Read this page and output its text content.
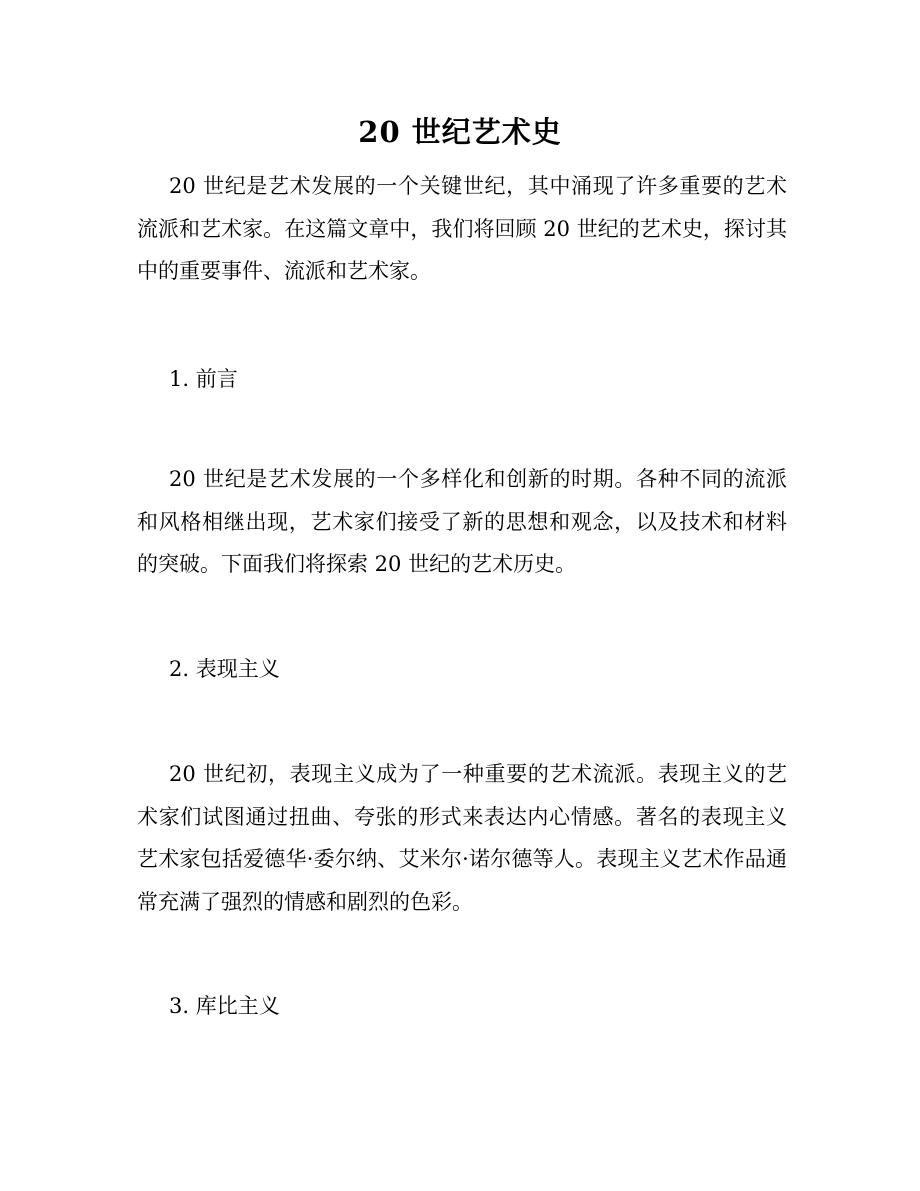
20 世纪艺术史

20 世纪是艺术发展的一个关键世纪，其中涌现了许多重要的艺术流派和艺术家。在这篇文章中，我们将回顾 20 世纪的艺术史，探讨其中的重要事件、流派和艺术家。

1. 前言

20 世纪是艺术发展的一个多样化和创新的时期。各种不同的流派和风格相继出现，艺术家们接受了新的思想和观念，以及技术和材料的突破。下面我们将探索 20 世纪的艺术历史。

2. 表现主义

20 世纪初，表现主义成为了一种重要的艺术流派。表现主义的艺术家们试图通过扭曲、夸张的形式来表达内心情感。著名的表现主义艺术家包括爱德华·委尔纳、艾米尔·诺尔德等人。表现主义艺术作品通常充满了强烈的情感和剧烈的色彩。

3. 库比主义
